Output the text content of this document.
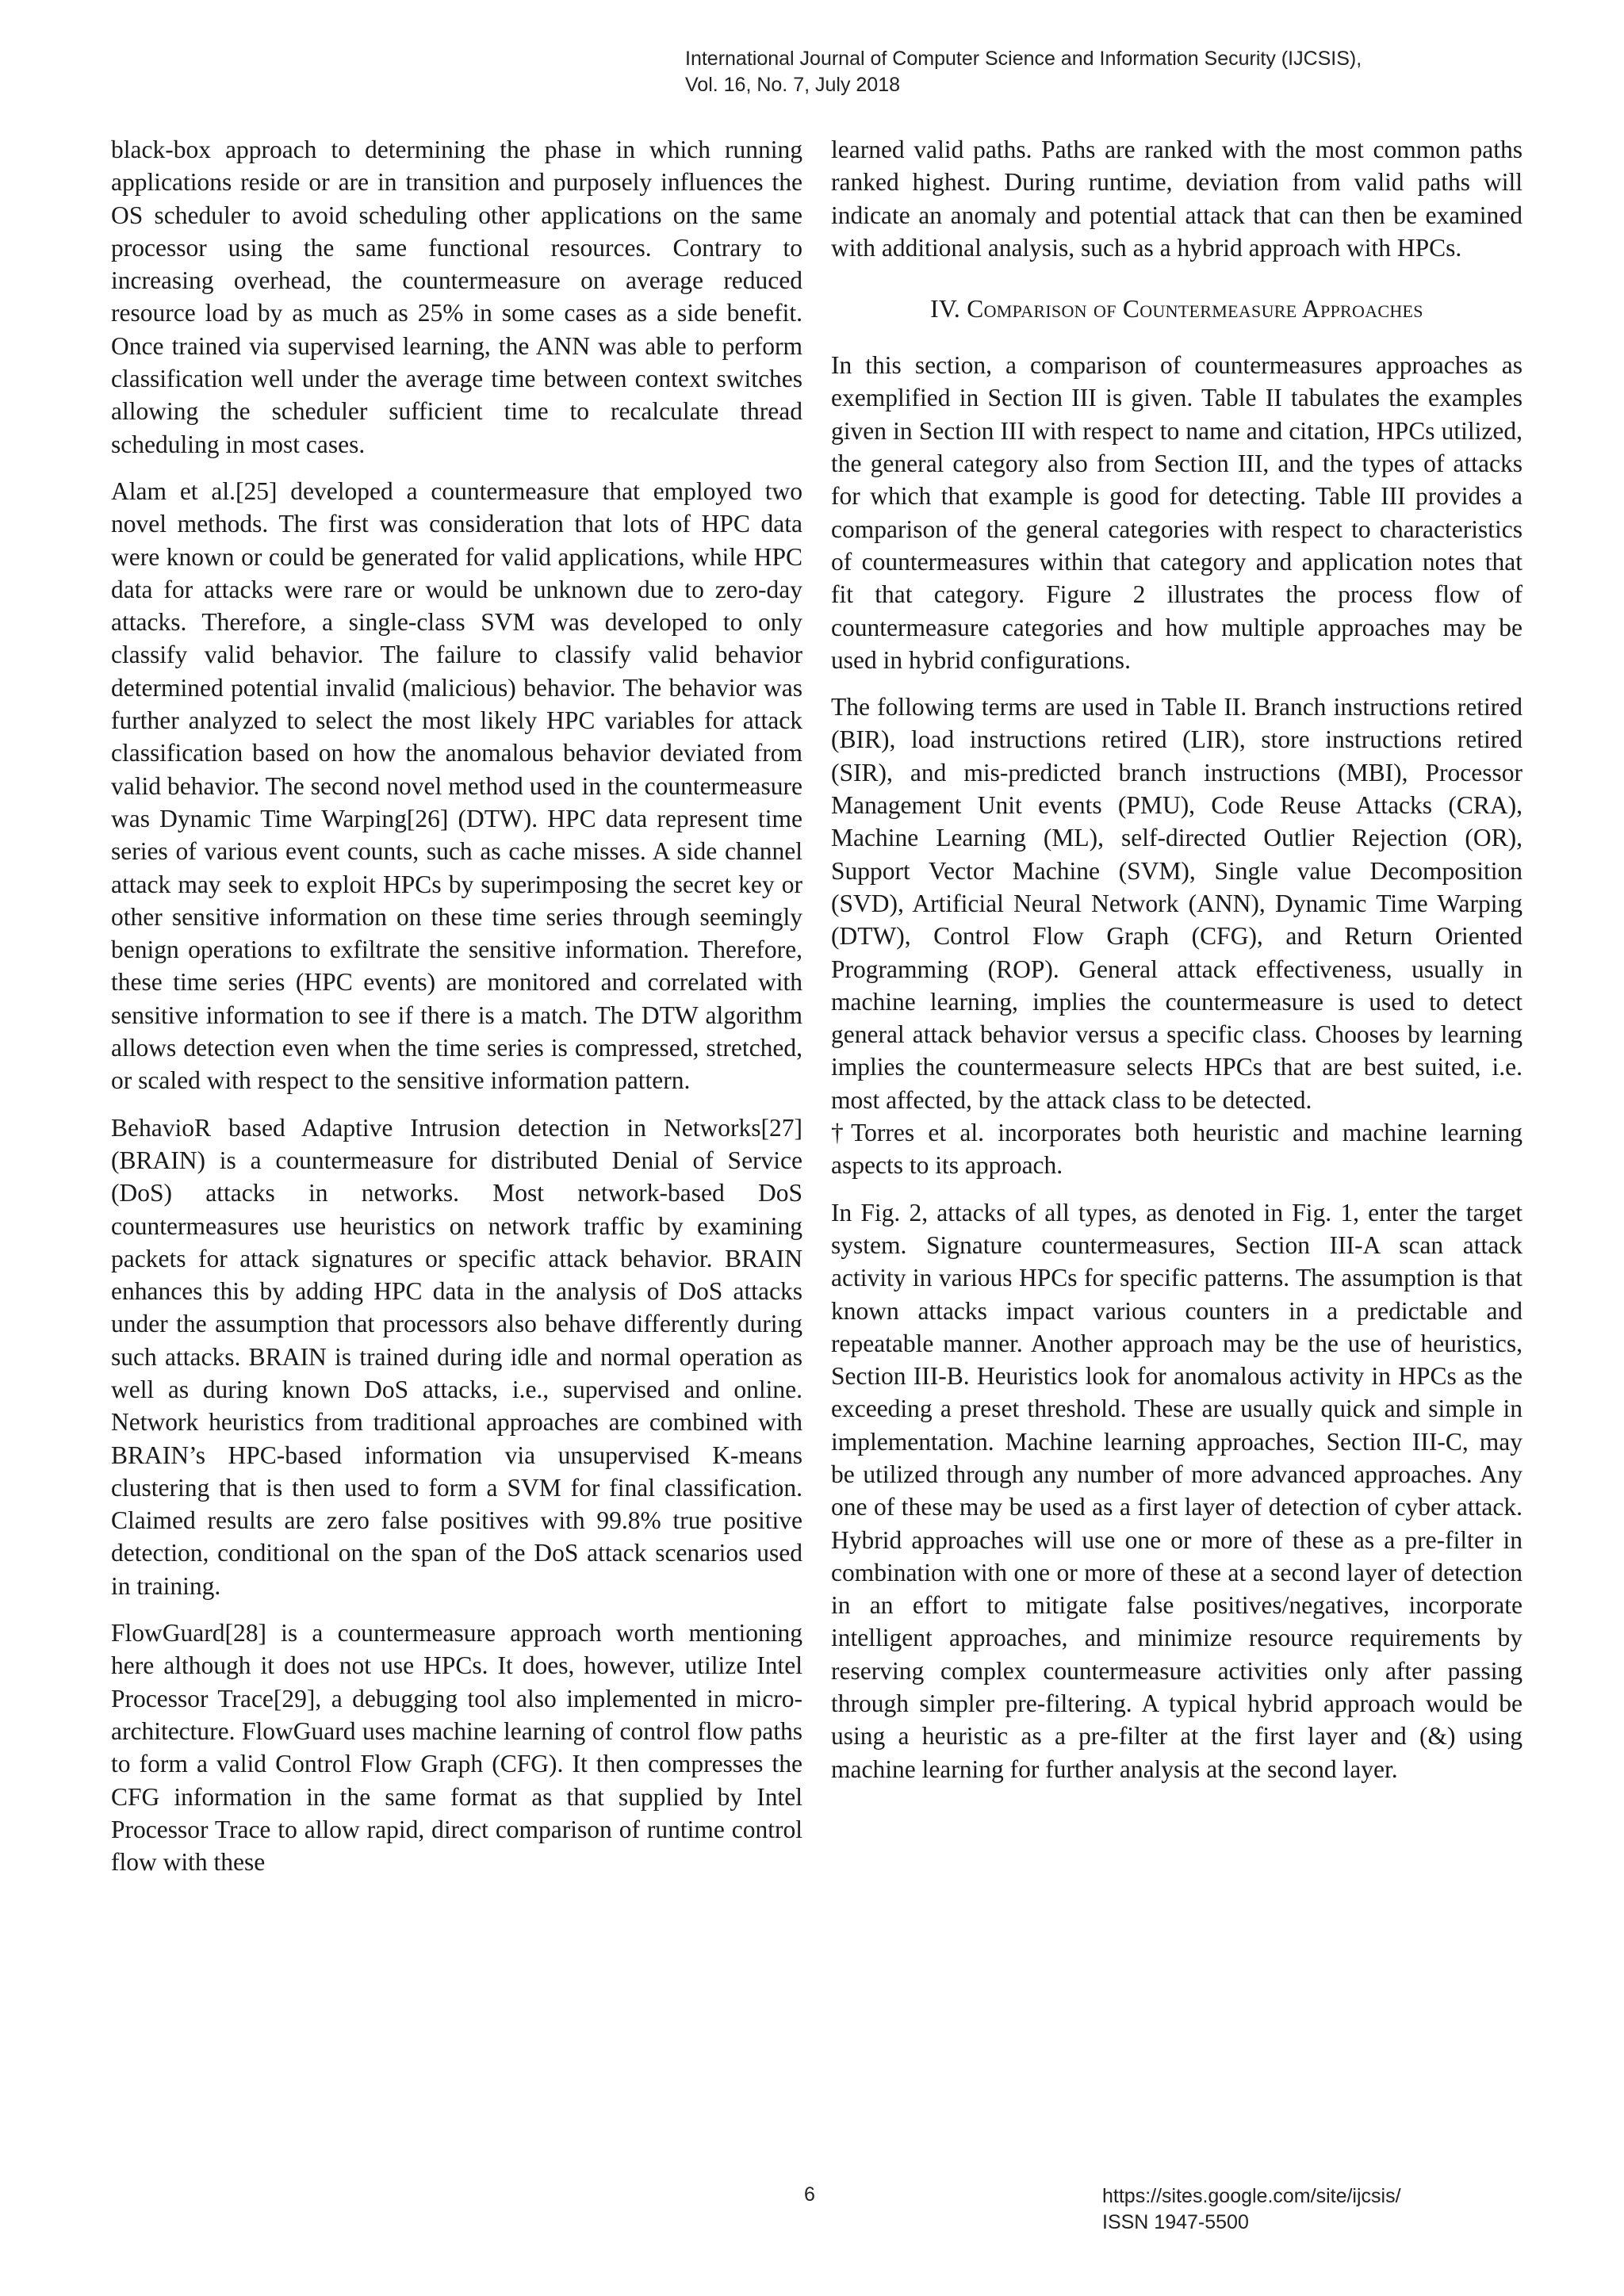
International Journal of Computer Science and Information Security (IJCSIS),
Vol. 16, No. 7, July 2018

black-box approach to determining the phase in which running applications reside or are in transition and purposely influences the OS scheduler to avoid scheduling other applications on the same processor using the same functional resources. Contrary to increasing overhead, the countermeasure on average reduced resource load by as much as 25% in some cases as a side benefit. Once trained via supervised learning, the ANN was able to perform classification well under the average time between context switches allowing the scheduler sufficient time to recalculate thread scheduling in most cases.

Alam et al.[25] developed a countermeasure that employed two novel methods. The first was consideration that lots of HPC data were known or could be generated for valid applications, while HPC data for attacks were rare or would be unknown due to zero-day attacks. Therefore, a single-class SVM was developed to only classify valid behavior. The failure to classify valid behavior determined potential invalid (malicious) behavior. The behavior was further analyzed to select the most likely HPC variables for attack classification based on how the anomalous behavior deviated from valid behavior. The second novel method used in the countermeasure was Dynamic Time Warping[26] (DTW). HPC data represent time series of various event counts, such as cache misses. A side channel attack may seek to exploit HPCs by superimposing the secret key or other sensitive information on these time series through seemingly benign operations to exfiltrate the sensitive information. Therefore, these time series (HPC events) are monitored and correlated with sensitive information to see if there is a match. The DTW algorithm allows detection even when the time series is compressed, stretched, or scaled with respect to the sensitive information pattern.

BehavioR based Adaptive Intrusion detection in Networks[27] (BRAIN) is a countermeasure for distributed Denial of Service (DoS) attacks in networks. Most network-based DoS countermeasures use heuristics on network traffic by examining packets for attack signatures or specific attack behavior. BRAIN enhances this by adding HPC data in the analysis of DoS attacks under the assumption that processors also behave differently during such attacks. BRAIN is trained during idle and normal operation as well as during known DoS attacks, i.e., supervised and online. Network heuristics from traditional approaches are combined with BRAIN’s HPC-based information via unsupervised K-means clustering that is then used to form a SVM for final classification. Claimed results are zero false positives with 99.8% true positive detection, conditional on the span of the DoS attack scenarios used in training.

FlowGuard[28] is a countermeasure approach worth mentioning here although it does not use HPCs. It does, however, utilize Intel Processor Trace[29], a debugging tool also implemented in micro-architecture. FlowGuard uses machine learning of control flow paths to form a valid Control Flow Graph (CFG). It then compresses the CFG information in the same format as that supplied by Intel Processor Trace to allow rapid, direct comparison of runtime control flow with these

learned valid paths. Paths are ranked with the most common paths ranked highest. During runtime, deviation from valid paths will indicate an anomaly and potential attack that can then be examined with additional analysis, such as a hybrid approach with HPCs.

IV. Comparison of Countermeasure Approaches

In this section, a comparison of countermeasures approaches as exemplified in Section III is given. Table II tabulates the examples given in Section III with respect to name and citation, HPCs utilized, the general category also from Section III, and the types of attacks for which that example is good for detecting. Table III provides a comparison of the general categories with respect to characteristics of countermeasures within that category and application notes that fit that category. Figure 2 illustrates the process flow of countermeasure categories and how multiple approaches may be used in hybrid configurations.

The following terms are used in Table II. Branch instructions retired (BIR), load instructions retired (LIR), store instructions retired (SIR), and mis-predicted branch instructions (MBI), Processor Management Unit events (PMU), Code Reuse Attacks (CRA), Machine Learning (ML), self-directed Outlier Rejection (OR), Support Vector Machine (SVM), Single value Decomposition (SVD), Artificial Neural Network (ANN), Dynamic Time Warping (DTW), Control Flow Graph (CFG), and Return Oriented Programming (ROP). General attack effectiveness, usually in machine learning, implies the countermeasure is used to detect general attack behavior versus a specific class. Chooses by learning implies the countermeasure selects HPCs that are best suited, i.e. most affected, by the attack class to be detected.

†Torres et al. incorporates both heuristic and machine learning aspects to its approach.

In Fig. 2, attacks of all types, as denoted in Fig. 1, enter the target system. Signature countermeasures, Section III-A scan attack activity in various HPCs for specific patterns. The assumption is that known attacks impact various counters in a predictable and repeatable manner. Another approach may be the use of heuristics, Section III-B. Heuristics look for anomalous activity in HPCs as the exceeding a preset threshold. These are usually quick and simple in implementation. Machine learning approaches, Section III-C, may be utilized through any number of more advanced approaches. Any one of these may be used as a first layer of detection of cyber attack. Hybrid approaches will use one or more of these as a pre-filter in combination with one or more of these at a second layer of detection in an effort to mitigate false positives/negatives, incorporate intelligent approaches, and minimize resource requirements by reserving complex countermeasure activities only after passing through simpler pre-filtering. A typical hybrid approach would be using a heuristic as a pre-filter at the first layer and (&) using machine learning for further analysis at the second layer.

6	https://sites.google.com/site/ijcsis/
ISSN 1947-5500
